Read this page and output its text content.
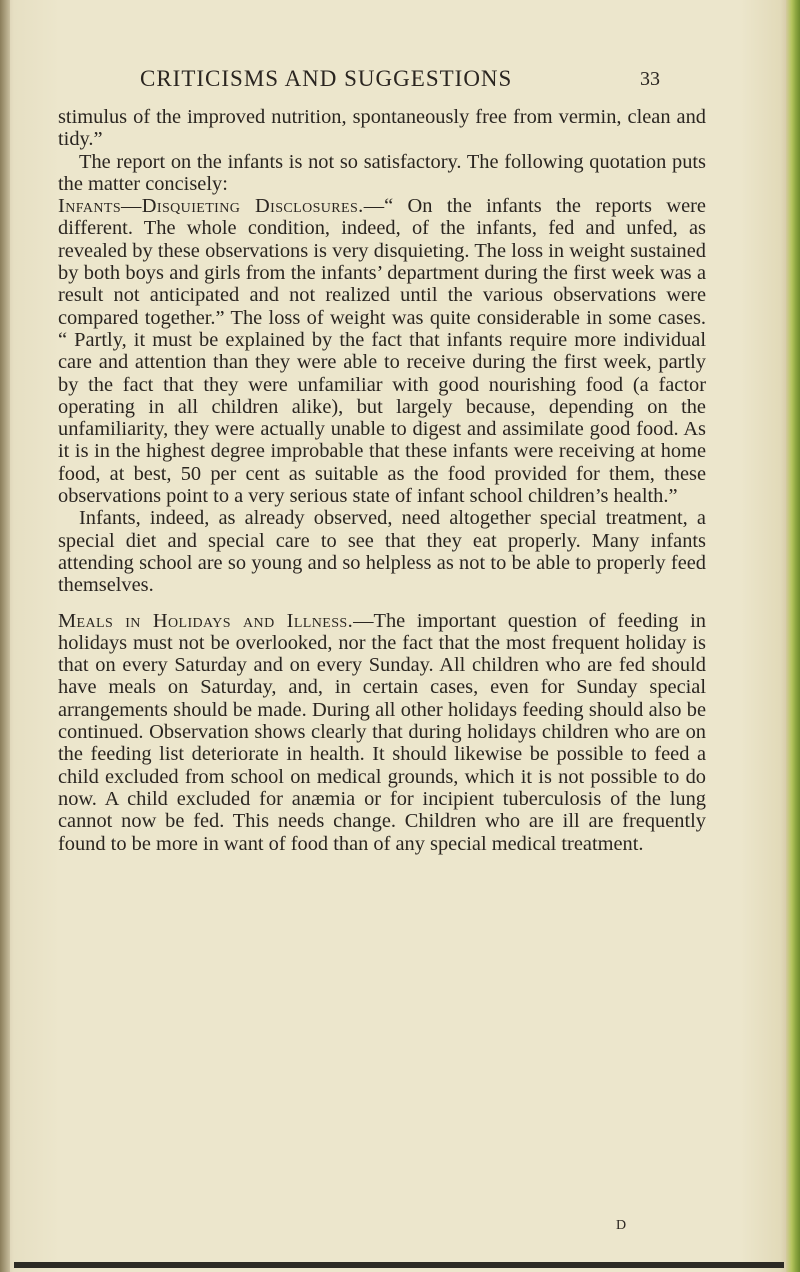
CRITICISMS AND SUGGESTIONS	33

stimulus of the improved nutrition, spontaneously free from vermin, clean and tidy.”

The report on the infants is not so satisfactory. The following quotation puts the matter concisely:

Infants—Disquieting Disclosures.—“ On the infants the reports were different. The whole condition, indeed, of the infants, fed and unfed, as revealed by these observations is very disquieting. The loss in weight sustained by both boys and girls from the infants’ department during the first week was a result not anticipated and not realized until the various observations were compared together.” The loss of weight was quite considerable in some cases. “ Partly, it must be explained by the fact that infants require more individual care and attention than they were able to receive during the first week, partly by the fact that they were unfamiliar with good nourishing food (a factor operating in all children alike), but largely because, depending on the unfamiliarity, they were actually unable to digest and assimilate good food. As it is in the highest degree improbable that these infants were receiving at home food, at best, 50 per cent as suitable as the food provided for them, these observations point to a very serious state of infant school children’s health.”

Infants, indeed, as already observed, need altogether special treatment, a special diet and special care to see that they eat properly. Many infants attending school are so young and so helpless as not to be able to properly feed themselves.

Meals in Holidays and Illness.—The important question of feeding in holidays must not be overlooked, nor the fact that the most frequent holiday is that on every Saturday and on every Sunday. All children who are fed should have meals on Saturday, and, in certain cases, even for Sunday special arrangements should be made. During all other holidays feeding should also be continued. Observation shows clearly that during holidays children who are on the feeding list deteriorate in health. It should likewise be possible to feed a child excluded from school on medical grounds, which it is not possible to do now. A child excluded for anæmia or for incipient tuberculosis of the lung cannot now be fed. This needs change. Children who are ill are frequently found to be more in want of food than of any special medical treatment.

D
